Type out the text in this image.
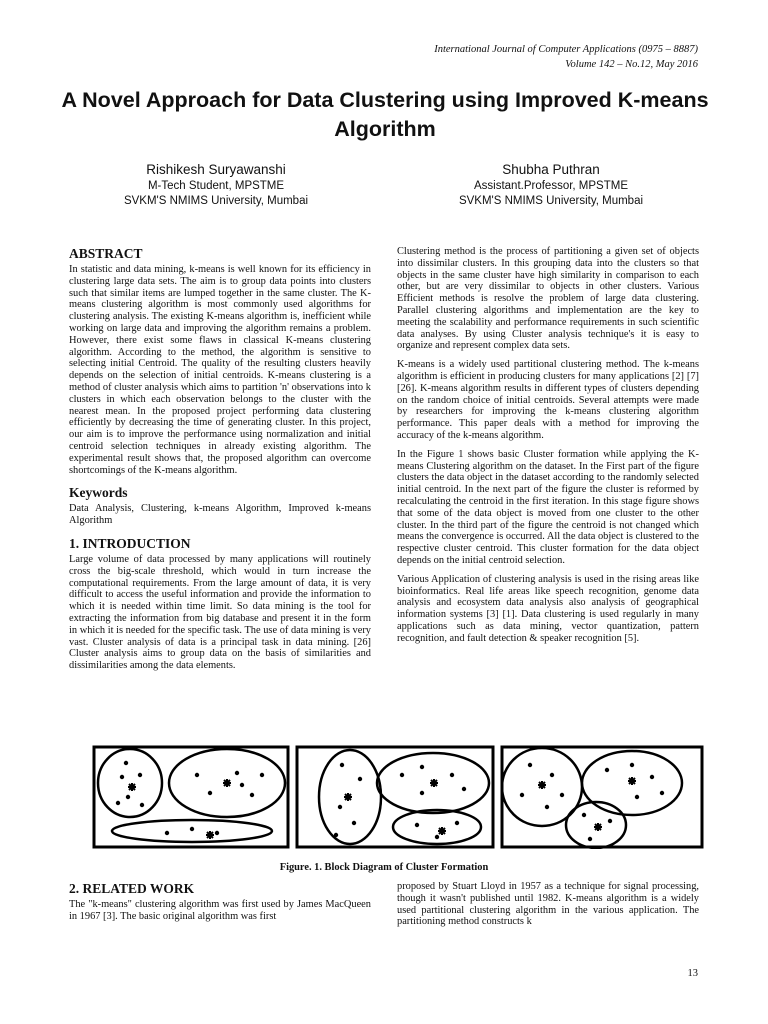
International Journal of Computer Applications (0975 – 8887)
Volume 142 – No.12, May 2016
A Novel Approach for Data Clustering using Improved K-means Algorithm
Rishikesh Suryawanshi
M-Tech Student, MPSTME
SVKM'S NMIMS University, Mumbai
Shubha Puthran
Assistant.Professor, MPSTME
SVKM'S NMIMS University, Mumbai
ABSTRACT

In statistic and data mining, k-means is well known for its efficiency in clustering large data sets. The aim is to group data points into clusters such that similar items are lumped together in the same cluster. The K-means clustering algorithm is most commonly used algorithms for clustering analysis. The existing K-means algorithm is, inefficient while working on large data and improving the algorithm remains a problem. However, there exist some flaws in classical K-means clustering algorithm. According to the method, the algorithm is sensitive to selecting initial Centroid. The quality of the resulting clusters heavily depends on the selection of initial centroids. K-means clustering is a method of cluster analysis which aims to partition 'n' observations into k clusters in which each observation belongs to the cluster with the nearest mean. In the proposed project performing data clustering efficiently by decreasing the time of generating cluster. In this project, our aim is to improve the performance using normalization and initial centroid selection techniques in already existing algorithm. The experimental result shows that, the proposed algorithm can overcome shortcomings of the K-means algorithm.

Keywords

Data Analysis, Clustering, k-means Algorithm, Improved k-means Algorithm

1. INTRODUCTION

Large volume of data processed by many applications will routinely cross the big-scale threshold, which would in turn increase the computational requirements. From the large amount of data, it is very difficult to access the useful information and provide the information to which it is needed within time limit. So data mining is the tool for extracting the information from big database and present it in the form in which it is needed for the specific task. The use of data mining is very vast. Cluster analysis of data is a principal task in data mining. [26] Cluster analysis aims to group data on the basis of similarities and dissimilarities among the data elements.

Clustering method is the process of partitioning a given set of objects into dissimilar clusters. In this grouping data into the clusters so that objects in the same cluster have high similarity in comparison to each other, but are very dissimilar to objects in other clusters. Various Efficient methods is resolve the problem of large data clustering. Parallel clustering algorithms and implementation are the key to meeting the scalability and performance requirements in such scientific data analyses. By using Cluster analysis technique's it is easy to organize and represent complex data sets.

K-means is a widely used partitional clustering method. The k-means algorithm is efficient in producing clusters for many applications [2] [7] [26]. K-means algorithm results in different types of clusters depending on the random choice of initial centroids. Several attempts were made by researchers for improving the k-means clustering algorithm performance. This paper deals with a method for improving the accuracy of the k-means algorithm.

In the Figure 1 shows basic Cluster formation while applying the K-means Clustering algorithm on the dataset. In the First part of the figure clusters the data object in the dataset according to the randomly selected initial centroid. In the next part of the figure the cluster is reformed by recalculating the centroid in the first iteration. In this stage figure shows that some of the data object is moved from one cluster to the other cluster. In the third part of the figure the centroid is not changed which means the convergence is occurred. All the data object is clustered to the respective cluster centroid. This cluster formation for the data object depends on the initial centroid selection.

Various Application of clustering analysis is used in the rising areas like bioinformatics. Real life areas like speech recognition, genome data analysis and ecosystem data analysis also analysis of geographical information systems [3] [1]. Data clustering is used regularly in many applications such as data mining, vector quantization, pattern recognition, and fault detection & speaker recognition [5].

Figure. 1. Block Diagram of Cluster Formation
2. RELATED WORK

The "k-means" clustering algorithm was first used by James MacQueen in 1967 [3]. The basic original algorithm was first

proposed by Stuart Lloyd in 1957 as a technique for signal processing, though it wasn't published until 1982. K-means algorithm is a widely used partitional clustering algorithm in the various application. The partitioning method constructs k

13
